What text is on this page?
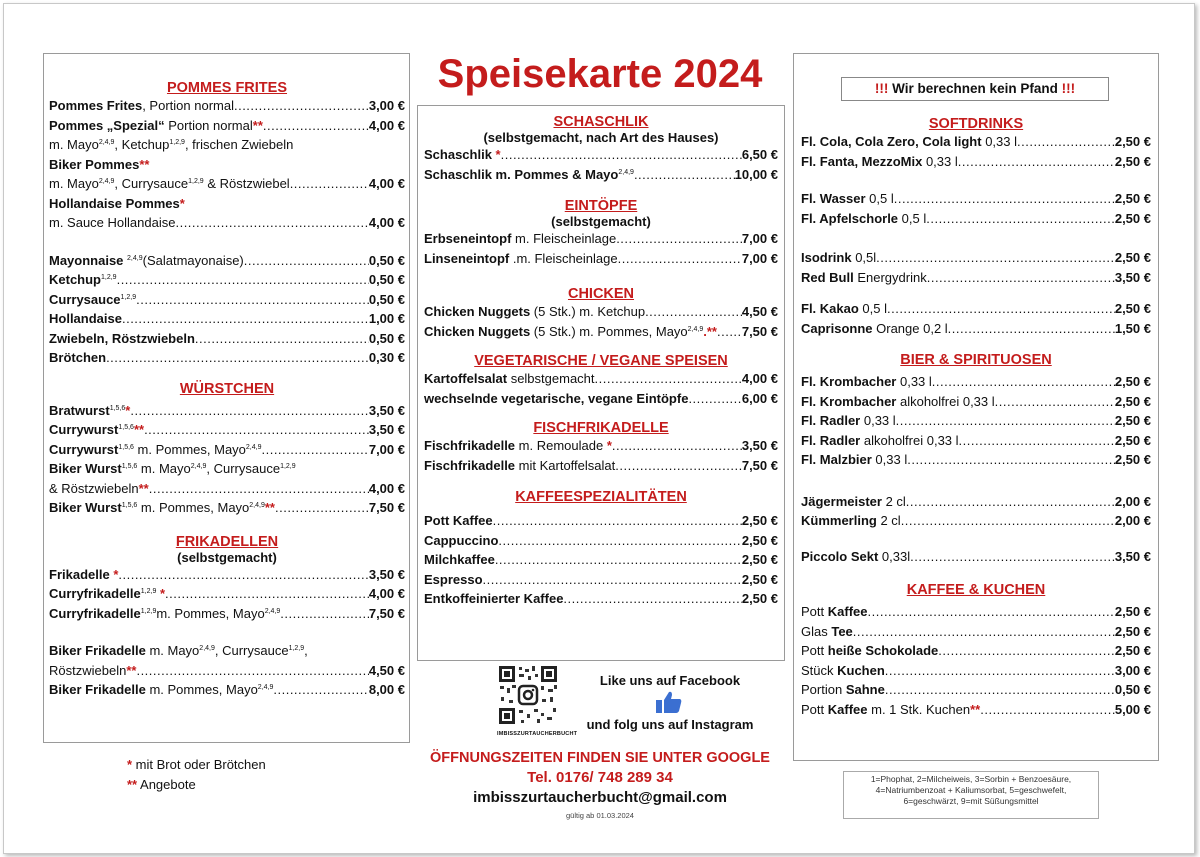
POMMES FRITES
Pommes Frites, Portion normal .....	3,00 €
Pommes „Spezial“ Portion normal** .....	4,00 €
m. Mayo$^{2,4,9}$, Ketchup$^{1,2,9}$, frischen Zwiebeln
Biker Pommes**
m. Mayo$^{2,4,9}$, Currysauce$^{1,2,9}$ & Röstzwiebel .....	4,00 €
Hollandaise Pommes*
m. Sauce Hollandaise .....	4,00 €
Mayonnaise $^{2,4,9}$(Salatmayonaise) .....	0,50 €
Ketchup$^{1,2,9}$ .....	0,50 €
Currysauce$^{1,2,9}$ .....	0,50 €
Hollandaise .....	1,00 €
Zwiebeln, Röstzwiebeln .....	0,50 €
Brötchen .....	0,30 €
WÜRSTCHEN
Bratwurst$^{1,5,6}$* .....	3,50 €
Currywurst$^{1,5,6}$** .....	3,50 €
Currywurst$^{1,5,6}$ m. Pommes, Mayo$^{2,4,9}$ .....	7,00 €
Biker Wurst$^{1,5,6}$ m. Mayo$^{2,4,9}$, Currysauce$^{1,2,9}$
& Röstzwiebeln** .....	4,00 €
Biker Wurst$^{1,5,6}$ m. Pommes, Mayo$^{2,4,9}$** .....	7,50 €
FRIKADELLEN
(selbstgemacht)
Frikadelle * .....	3,50 €
Curryfrikadelle$^{1,2,9}$ * .....	4,00 €
Curryfrikadelle$^{1,2,9}$m. Pommes, Mayo$^{2,4,9}$ .....	7,50 €
Biker Frikadelle m. Mayo$^{2,4,9}$, Currysauce$^{1,2,9}$,
Röstzwiebeln** .....	4,50 €
Biker Frikadelle m. Pommes, Mayo$^{2,4,9}$ .....	8,00 €
* mit Brot oder Brötchen
** Angebote
Speisekarte 2024
SCHASCHLIK
(selbstgemacht, nach Art des Hauses)
Schaschlik * .....	6,50 €
Schaschlik m. Pommes & Mayo$^{2,4,9}$ .....	10,00 €
EINTÖPFE
(selbstgemacht)
Erbseneintopf m. Fleischeinlage .....	7,00 €
Linseneintopf .m. Fleischeinlage .....	7,00 €
CHICKEN
Chicken Nuggets (5 Stk.) m. Ketchup .....	4,50 €
Chicken Nuggets (5 Stk.) m. Pommes, Mayo$^{2,4,9}$.** ..... 7,50 €
VEGETARISCHE / VEGANE SPEISEN
Kartoffelsalat selbstgemacht .....	4,00 €
wechselnde vegetarische, vegane Eintöpfe .....	6,00 €
FISCHFRIKADELLE
Fischfrikadelle m. Remoulade * .....	3,50 €
Fischfrikadelle mit Kartoffelsalat .....	7,50 €
KAFFEESPEZIALITÄTEN
Pott Kaffee .....	2,50 €
Cappuccino .....	2,50 €
Milchkaffee .....	2,50 €
Espresso .....	2,50 €
Entkoffeinierter Kaffee .....	2,50 €
IMBISSZURTAUCHERBUCHT
Like uns auf Facebook
und folg uns auf Instagram
ÖFFNUNGSZEITEN FINDEN SIE UNTER GOOGLE
Tel. 0176/ 748 289 34
imbisszurtaucherbucht@gmail.com
gültig ab 01.03.2024
!!! Wir berechnen kein Pfand !!!
SOFTDRINKS
Fl. Cola, Cola Zero, Cola light 0,33 l .....	2,50 €
Fl. Fanta, MezzoMix 0,33 l .....	2,50 €
Fl. Wasser 0,5 l .....	2,50 €
Fl. Apfelschorle 0,5 l .....	2,50 €
Isodrink 0,5l .....	2,50 €
Red Bull Energydrink .....	3,50 €
Fl. Kakao 0,5 l .....	2,50 €
Caprisonne Orange 0,2 l .....	1,50 €
BIER & SPIRITUOSEN
Fl. Krombacher 0,33 l .....	2,50 €
Fl. Krombacher alkoholfrei 0,33 l .....	2,50 €
Fl. Radler 0,33 l .....	2,50 €
Fl. Radler alkoholfrei 0,33 l .....	2,50 €
Fl. Malzbier 0,33 l .....	2,50 €
Jägermeister 2 cl .....	2,00 €
Kümmerling 2 cl .....	2,00 €
Piccolo Sekt 0,33l .....	3,50 €
KAFFEE & KUCHEN
Pott Kaffee .....	2,50 €
Glas Tee .....	2,50 €
Pott heiße Schokolade .....	2,50 €
Stück Kuchen .....	3,00 €
Portion Sahne .....	0,50 €
Pott Kaffee m. 1 Stk. Kuchen** .....	5,00 €
1=Phophat, 2=Milcheiweis, 3=Sorbin + Benzoesäure,
4=Natriumbenzoat + Kaliumsorbat, 5=geschwefelt,
6=geschwärzt, 9=mit Süßungsmittel
